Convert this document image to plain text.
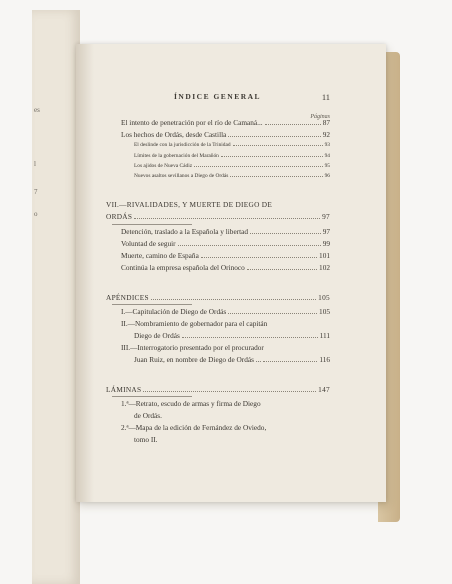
es
l
7
o
ÍNDICE GENERAL	11
Páginas
El intento de penetración por el río de Camaná...	87
Los hechos de Ordás, desde Castilla	92
El deslinde con la jurisdicción de la Trinidad	93
Límites de la gobernación del Marañón	94
Los ajidos de Nueva Cádiz	95
Nuevos asaltos sevillanos a Diego de Ordás	96
VII.—RIVALIDADES, Y MUERTE DE DIEGO DE
ORDÁS	97
Detención, traslado a la Española y libertad	97
Voluntad de seguir	99
Muerte, camino de España	101
Continúa la empresa española del Orinoco	102
APÉNDICES	105
I.—Capitulación de Diego de Ordás	105
II.—Nombramiento de gobernador para el capitán
Diego de Ordás	111
III.—Interrogatorio presentado por el procurador
Juan Ruiz, en nombre de Diego de Ordás ...	116
LÁMINAS	147
1.ª—Retrato, escudo de armas y firma de Diego
de Ordás.
2.ª—Mapa de la edición de Fernández de Oviedo,
tomo II.
